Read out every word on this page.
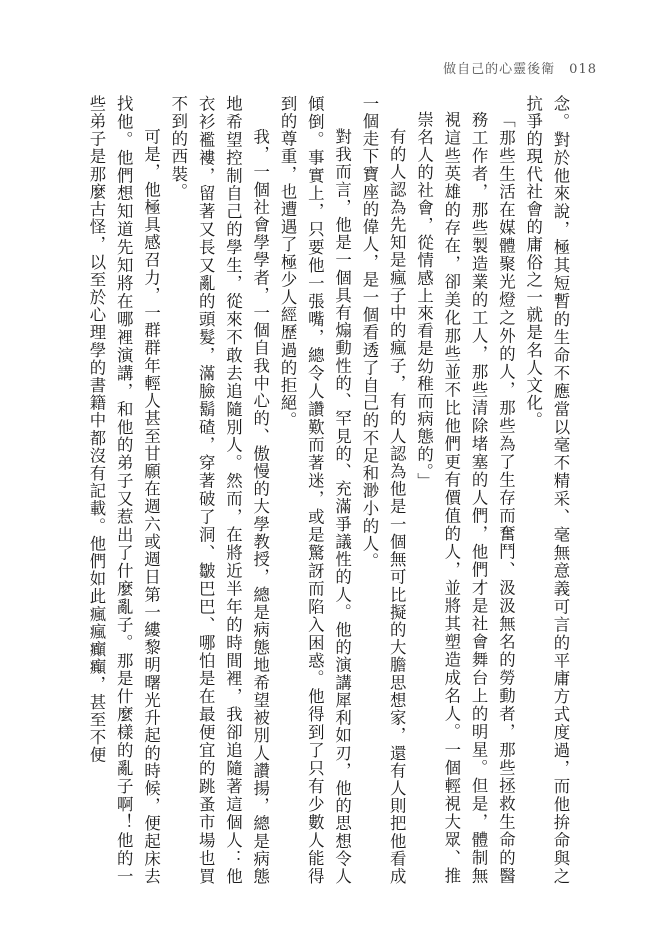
做自己的心靈後衛 018

念。對於他來說，極其短暫的生命不應當以毫不精采、毫無意義可言的平庸方式度過，而他拚命與之抗爭的現代社會的庸俗之一就是名人文化。

「那些生活在媒體聚光燈之外的人，那些為了生存而奮鬥、汲汲無名的勞動者，那些拯救生命的醫務工作者，那些製造業的工人，那些清除堵塞的人們，他們才是社會舞台上的明星。但是，體制無視這些英雄的存在，卻美化那些並不比他們更有價值的人，並將其塑造成名人。一個輕視大眾、推崇名人的社會，從情感上來看是幼稚而病態的。」

有的人認為先知是瘋子中的瘋子，有的人認為他是一個無可比擬的大膽思想家，還有人則把他看成一個走下寶座的偉人，是一個看透了自己的不足和渺小的人。

對我而言，他是一個具有煽動性的、罕見的、充滿爭議性的人。他的演講犀利如刃，他的思想令人傾倒。事實上，只要他一張嘴，總令人讚歎而著迷，或是驚訝而陷入困惑。他得到了只有少數人能得到的尊重，也遭遇了極少人經歷過的拒絕。

我，一個社會學學者，一個自我中心的、傲慢的大學教授，總是病態地希望被別人讚揚，總是病態地希望控制自己的學生，從來不敢去追隨別人。然而，在將近半年的時間裡，我卻追隨著這個人：他衣衫襤褸，留著又長又亂的頭髮，滿臉鬍碴，穿著破了洞、皺巴巴、哪怕是在最便宜的跳蚤市場也買不到的西裝。

可是，他極具感召力，一群群年輕人甚至甘願在週六或週日第一縷黎明曙光升起的時候，便起床去找他。他們想知道先知將在哪裡演講，和他的弟子又惹出了什麼亂子。那是什麼樣的亂子啊！他的一些弟子是那麼古怪，以至於心理學的書籍中都沒有記載。他們如此瘋瘋癲癲，甚至不便
